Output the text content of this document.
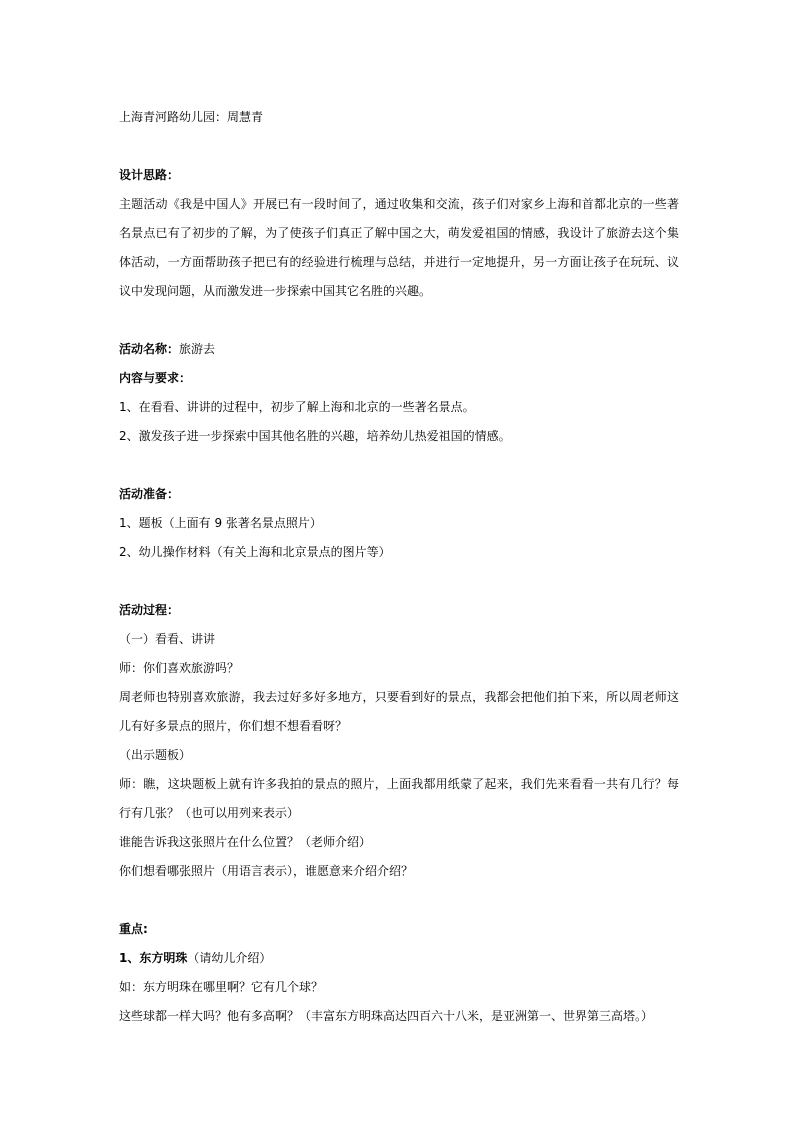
上海青河路幼儿园：周慧青
设计思路：
主题活动《我是中国人》开展已有一段时间了，通过收集和交流，孩子们对家乡上海和首都北京的一些著名景点已有了初步的了解，为了使孩子们真正了解中国之大，萌发爱祖国的情感，我设计了旅游去这个集体活动，一方面帮助孩子把已有的经验进行梳理与总结，并进行一定地提升，另一方面让孩子在玩玩、议议中发现问题，从而激发进一步探索中国其它名胜的兴趣。
活动名称：旅游去
内容与要求：
1、在看看、讲讲的过程中，初步了解上海和北京的一些著名景点。
2、激发孩子进一步探索中国其他名胜的兴趣，培养幼儿热爱祖国的情感。
活动准备：
1、题板（上面有 9 张著名景点照片）
2、幼儿操作材料（有关上海和北京景点的图片等）
活动过程：
（一）看看、讲讲
师：你们喜欢旅游吗？
周老师也特别喜欢旅游，我去过好多好多地方，只要看到好的景点，我都会把他们拍下来，所以周老师这儿有好多景点的照片，你们想不想看看呀？
（出示题板）
师：瞧，这块题板上就有许多我拍的景点的照片，上面我都用纸蒙了起来，我们先来看看一共有几行？每行有几张？（也可以用列来表示）
谁能告诉我这张照片在什么位置？（老师介绍）
你们想看哪张照片（用语言表示），谁愿意来介绍介绍？
重点:
1、东方明珠（请幼儿介绍）
如：东方明珠在哪里啊？它有几个球？
这些球都一样大吗？他有多高啊？（丰富东方明珠高达四百六十八米，是亚洲第一、世界第三高塔。）
